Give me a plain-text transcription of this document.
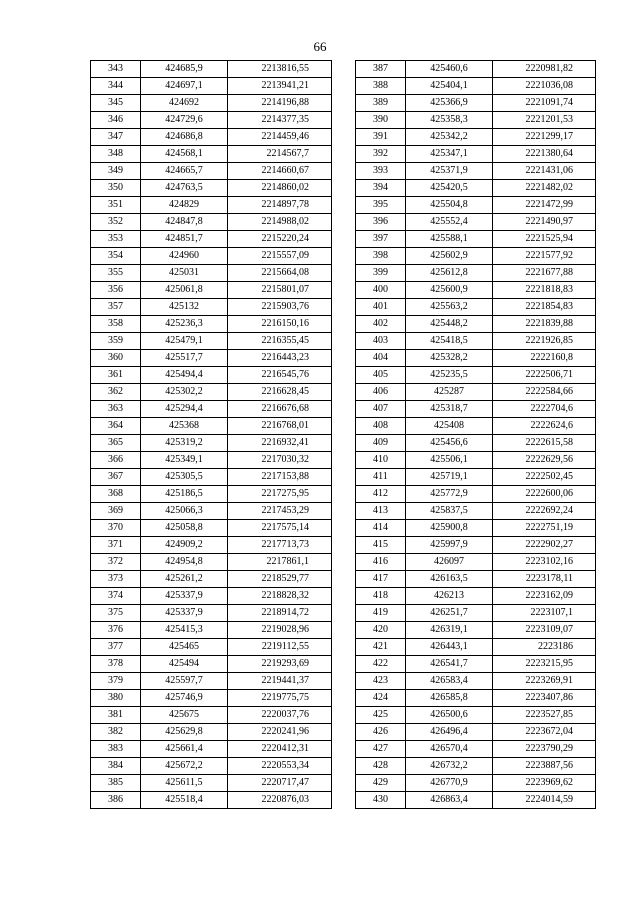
66
343	424685,9	2213816,55
344	424697,1	2213941,21
345	424692	2214196,88
346	424729,6	2214377,35
347	424686,8	2214459,46
348	424568,1	2214567,7
349	424665,7	2214660,67
350	424763,5	2214860,02
351	424829	2214897,78
352	424847,8	2214988,02
353	424851,7	2215220,24
354	424960	2215557,09
355	425031	2215664,08
356	425061,8	2215801,07
357	425132	2215903,76
358	425236,3	2216150,16
359	425479,1	2216355,45
360	425517,7	2216443,23
361	425494,4	2216545,76
362	425302,2	2216628,45
363	425294,4	2216676,68
364	425368	2216768,01
365	425319,2	2216932,41
366	425349,1	2217030,32
367	425305,5	2217153,88
368	425186,5	2217275,95
369	425066,3	2217453,29
370	425058,8	2217575,14
371	424909,2	2217713,73
372	424954,8	2217861,1
373	425261,2	2218529,77
374	425337,9	2218828,32
375	425337,9	2218914,72
376	425415,3	2219028,96
377	425465	2219112,55
378	425494	2219293,69
379	425597,7	2219441,37
380	425746,9	2219775,75
381	425675	2220037,76
382	425629,8	2220241,96
383	425661,4	2220412,31
384	425672,2	2220553,34
385	425611,5	2220717,47
386	425518,4	2220876,03
387	425460,6	2220981,82
388	425404,1	2221036,08
389	425366,9	2221091,74
390	425358,3	2221201,53
391	425342,2	2221299,17
392	425347,1	2221380,64
393	425371,9	2221431,06
394	425420,5	2221482,02
395	425504,8	2221472,99
396	425552,4	2221490,97
397	425588,1	2221525,94
398	425602,9	2221577,92
399	425612,8	2221677,88
400	425600,9	2221818,83
401	425563,2	2221854,83
402	425448,2	2221839,88
403	425418,5	2221926,85
404	425328,2	2222160,8
405	425235,5	2222506,71
406	425287	2222584,66
407	425318,7	2222704,6
408	425408	2222624,6
409	425456,6	2222615,58
410	425506,1	2222629,56
411	425719,1	2222502,45
412	425772,9	2222600,06
413	425837,5	2222692,24
414	425900,8	2222751,19
415	425997,9	2222902,27
416	426097	2223102,16
417	426163,5	2223178,11
418	426213	2223162,09
419	426251,7	2223107,1
420	426319,1	2223109,07
421	426443,1	2223186
422	426541,7	2223215,95
423	426583,4	2223269,91
424	426585,8	2223407,86
425	426500,6	2223527,85
426	426496,4	2223672,04
427	426570,4	2223790,29
428	426732,2	2223887,56
429	426770,9	2223969,62
430	426863,4	2224014,59
